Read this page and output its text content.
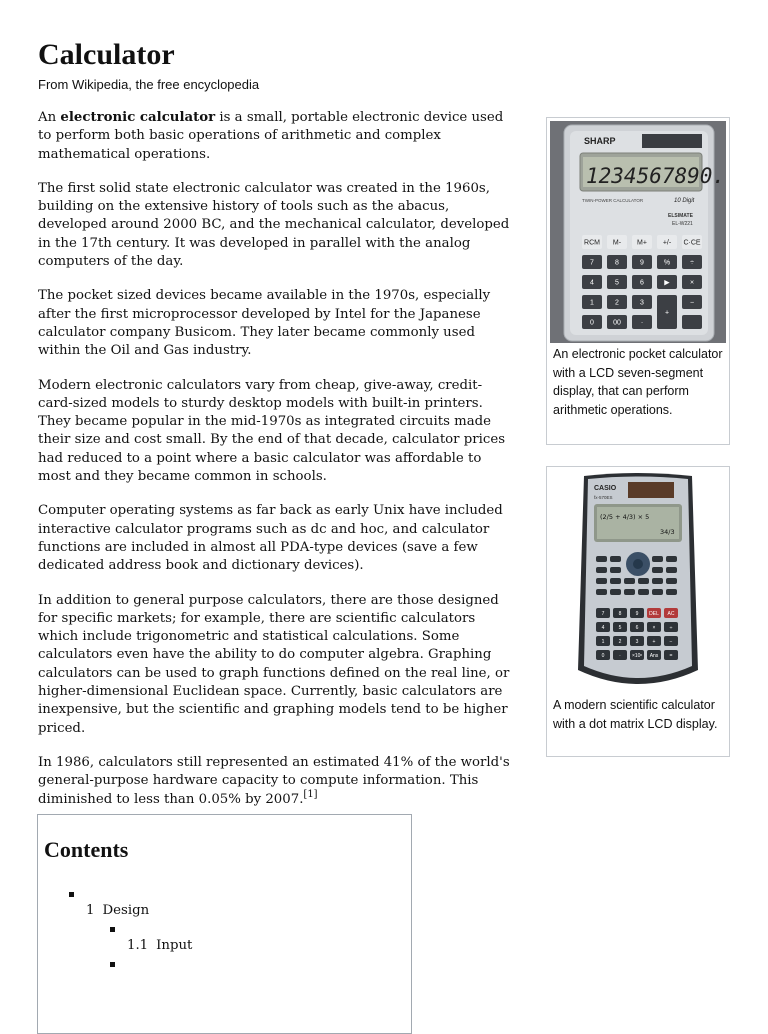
Calculator

From Wikipedia, the free encyclopedia

An electronic calculator is a small, portable electronic device used to perform both basic operations of arithmetic and complex mathematical operations.

The first solid state electronic calculator was created in the 1960s, building on the extensive history of tools such as the abacus, developed around 2000 BC, and the mechanical calculator, developed in the 17th century. It was developed in parallel with the analog computers of the day.

The pocket sized devices became available in the 1970s, especially after the first microprocessor developed by Intel for the Japanese calculator company Busicom. They later became commonly used within the Oil and Gas industry.

Modern electronic calculators vary from cheap, give-away, credit-card-sized models to sturdy desktop models with built-in printers. They became popular in the mid-1970s as integrated circuits made their size and cost small. By the end of that decade, calculator prices had reduced to a point where a basic calculator was affordable to most and they became common in schools.

Computer operating systems as far back as early Unix have included interactive calculator programs such as dc and hoc, and calculator functions are included in almost all PDA-type devices (save a few dedicated address book and dictionary devices).

In addition to general purpose calculators, there are those designed for specific markets; for example, there are scientific calculators which include trigonometric and statistical calculations. Some calculators even have the ability to do computer algebra. Graphing calculators can be used to graph functions defined on the real line, or higher-dimensional Euclidean space. Currently, basic calculators are inexpensive, but the scientific and graphing models tend to be higher priced.

In 1986, calculators still represented an estimated 41% of the world's general-purpose hardware capacity to compute information. This diminished to less than 0.05% by 2007.[1]

SHARP
1234567890.
TWIN-POWER CALCULATOR	10 Digit
ELSIMATE
EL-W221
RCM M- M+ +/- C·CE
7	8	9	%	÷
4	5	6	▶	×
1	2	3
+
−
0	00	·
An electronic pocket calculator with a LCD seven-segment display, that can perform arithmetic operations.
CASIO
fx-570ES
(2/5 + 4/3) × 5
34/3
7	8	9 DEL AC
4	5	6	×	÷
1	2	3	+	−
0	· ×10ˣ Ans =
A modern scientific calculator with a dot matrix LCD display.
Contents
1 Design
1.1 Input
